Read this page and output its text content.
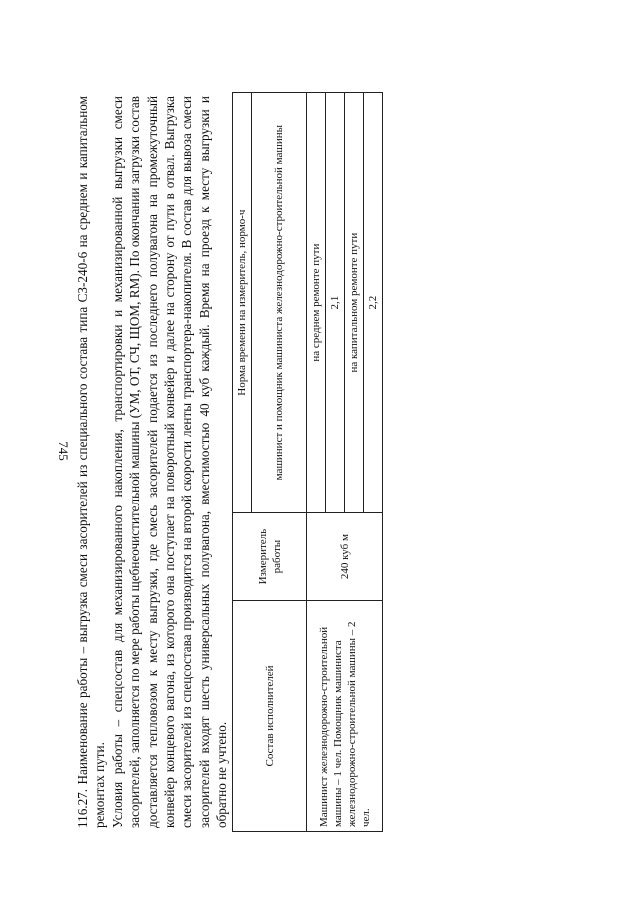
745 116.27. Наименование работы – выгрузка смеси засорителей из специального состава типа СЗ-240-6 на среднем и капитальном ремонтах пути. Условия работы – спецсостав для механизированного накопления, транспортировки и механизированной выгрузки смеси засорителей, заполняется по мере работы щебнеочистительной машины (УМ, ОТ, СЧ, ЩОМ, RM). По окончании загрузки состав доставляется тепловозом к месту выгрузки, где смесь засорителей подается из последнего полувагона на промежуточный конвейер концевого вагона, из которого она поступает на поворотный конвейер и далее на сторону от пути в отвал. Выгрузка смеси засорителей из спецсостава производится на второй скорости ленты транспортера-накопителя. В состав для вывоза смеси засорителей входят шесть универсальных полувагона, вместимостью 40 куб каждый. Время на проезд к месту выгрузки и обратно не учтено.

Состав исполнителей	Измеритель работы	Норма времени на измеритель, нормо-ч
		машинист и помощник машиниста железнодорожно-строительной машины
Машинист железнодорожно-строительной машины – 1 чел. Помощник машиниста железнодорожно-строительной машины – 2 чел.	240 куб м	на среднем ремонте пути
		2,1
		на капитальном ремонте пути
		2,2
